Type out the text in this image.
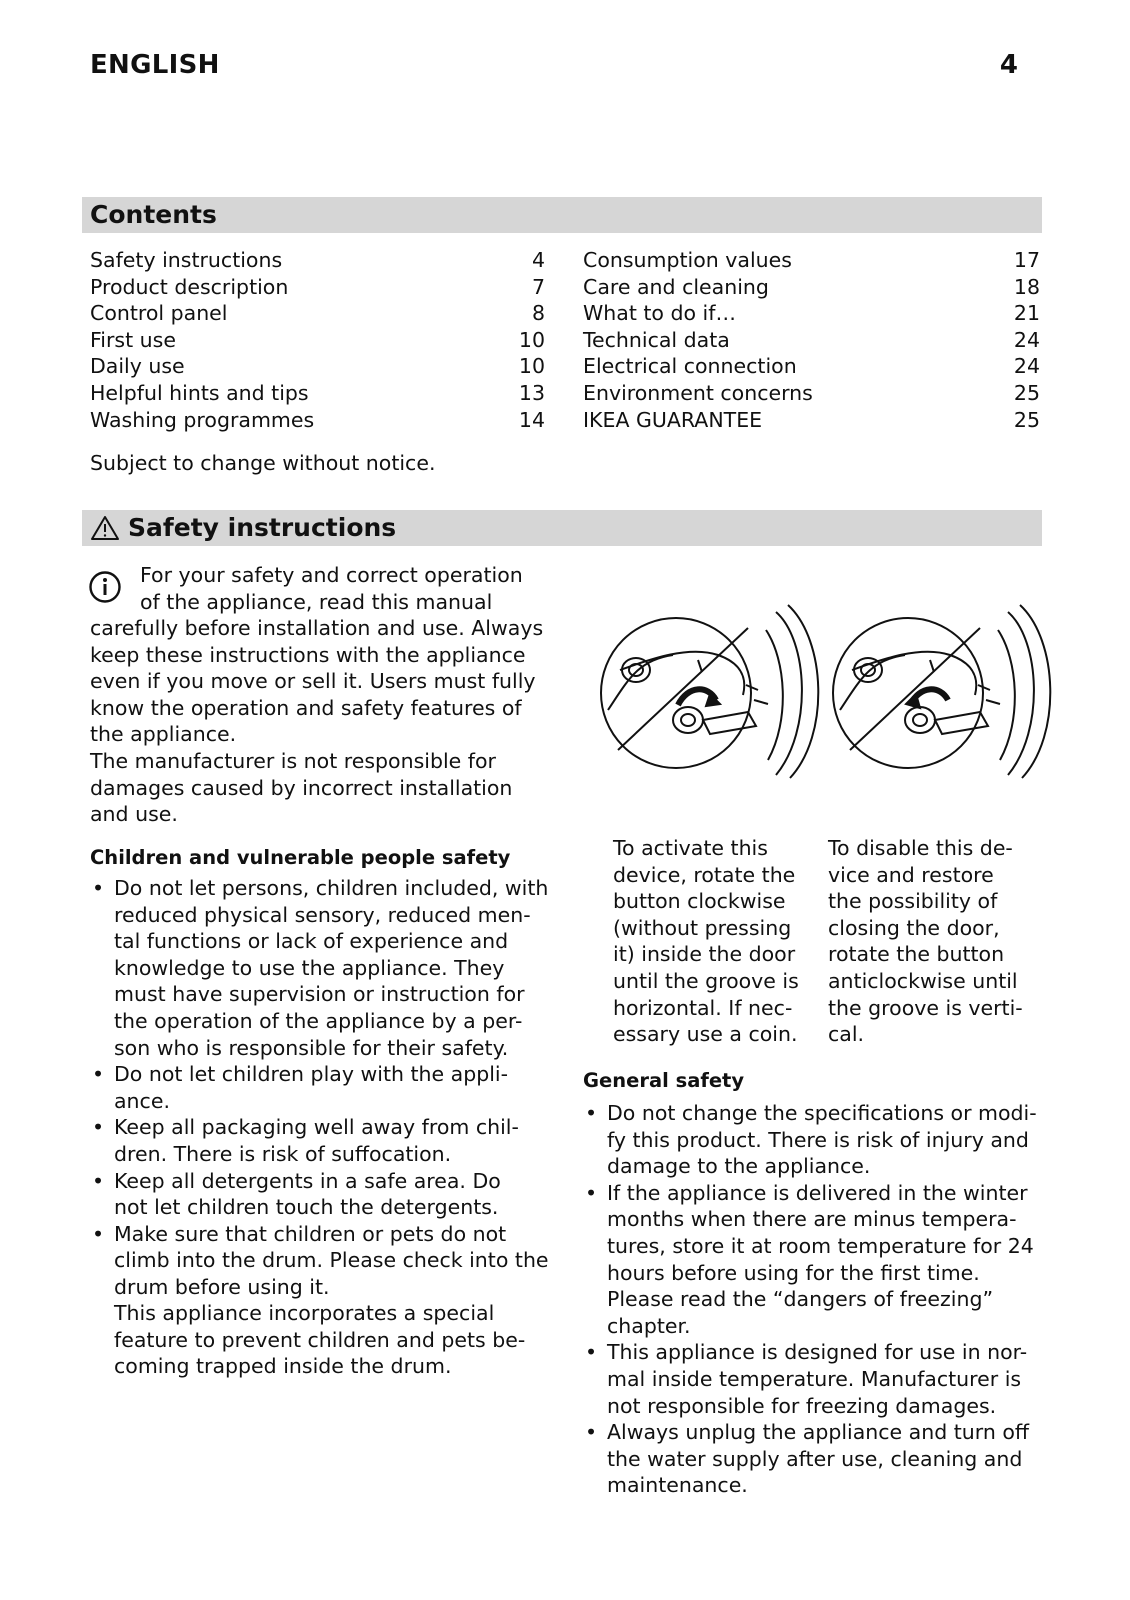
ENGLISH	4
Contents
Safety instructions	4
Product description	7
Control panel	8
First use	10
Daily use	10
Helpful hints and tips	13
Washing programmes	14
Consumption values	17
Care and cleaning	18
What to do if…	21
Technical data	24
Electrical connection	24
Environment concerns	25
IKEA GUARANTEE	25
Subject to change without notice.
Safety instructions
For your safety and correct operation
of the appliance, read this manual
carefully before installation and use. Always
keep these instructions with the appliance
even if you move or sell it. Users must fully
know the operation and safety features of
the appliance.
The manufacturer is not responsible for
damages caused by incorrect installation
and use.
Children and vulnerable people safety
• Do not let persons, children included, with
reduced physical sensory, reduced men-
tal functions or lack of experience and
knowledge to use the appliance. They
must have supervision or instruction for
the operation of the appliance by a per-
son who is responsible for their safety.
• Do not let children play with the appli-
ance.
• Keep all packaging well away from chil-
dren. There is risk of suffocation.
• Keep all detergents in a safe area. Do
not let children touch the detergents.
• Make sure that children or pets do not
climb into the drum. Please check into the
drum before using it.
This appliance incorporates a special
feature to prevent children and pets be-
coming trapped inside the drum.
To activate this
device, rotate the
button clockwise
(without pressing
it) inside the door
until the groove is
horizontal. If nec-
essary use a coin.
To disable this de-
vice and restore
the possibility of
closing the door,
rotate the button
anticlockwise until
the groove is verti-
cal.
General safety
• Do not change the specifications or modi-
fy this product. There is risk of injury and
damage to the appliance.
• If the appliance is delivered in the winter
months when there are minus tempera-
tures, store it at room temperature for 24
hours before using for the first time.
Please read the “dangers of freezing”
chapter.
• This appliance is designed for use in nor-
mal inside temperature. Manufacturer is
not responsible for freezing damages.
• Always unplug the appliance and turn off
the water supply after use, cleaning and
maintenance.
